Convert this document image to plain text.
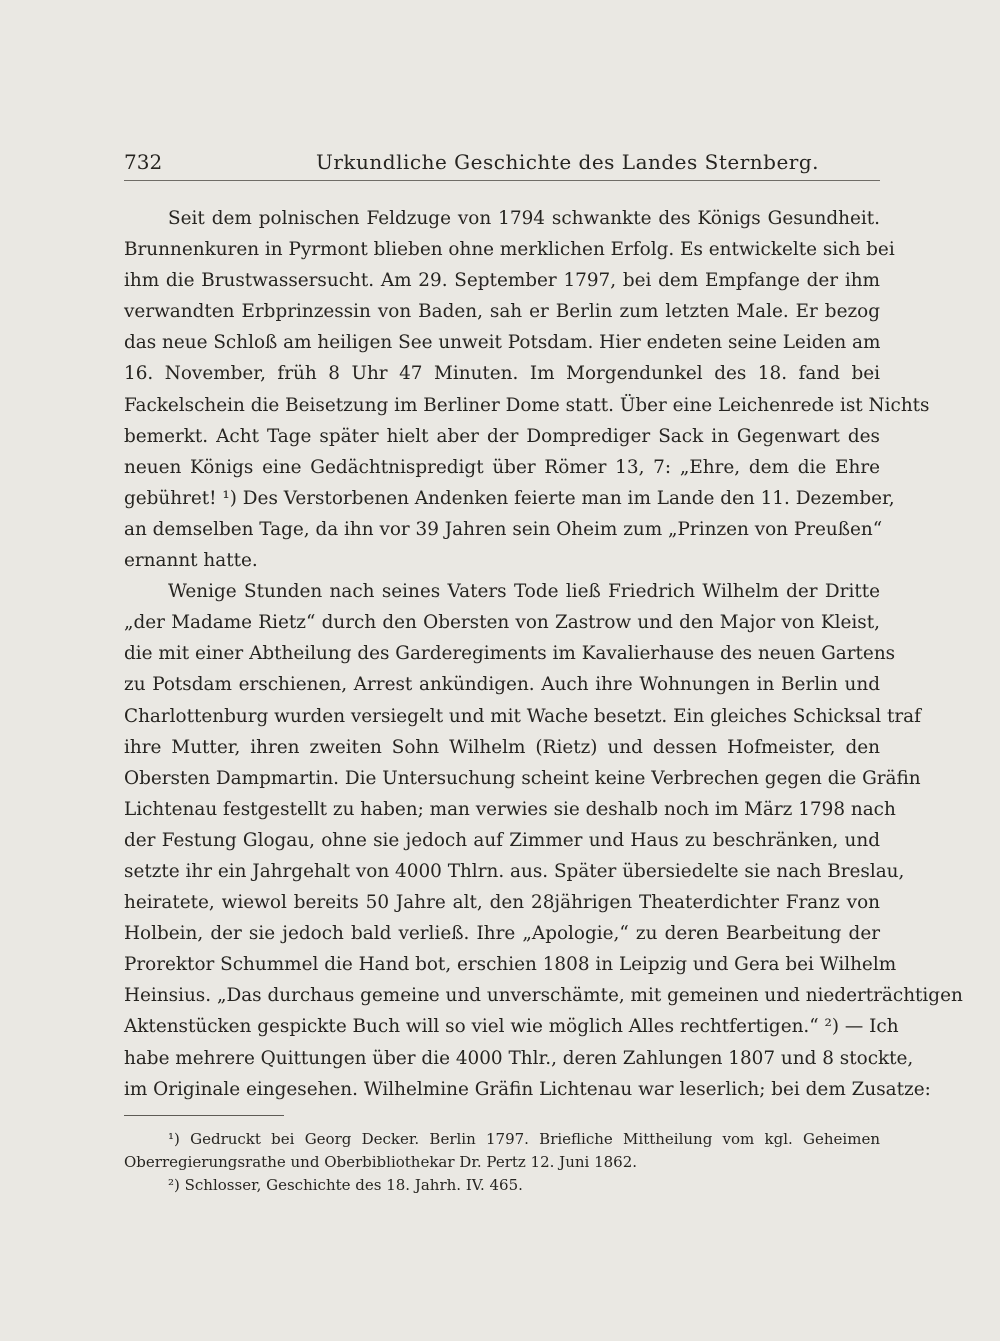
732	Urkundliche Geschichte des Landes Sternberg.
Seit dem polnischen Feldzuge von 1794 schwankte des Königs Gesundheit.
Brunnenkuren in Pyrmont blieben ohne merklichen Erfolg. Es entwickelte sich bei
ihm die Brustwassersucht. Am 29. September 1797, bei dem Empfange der ihm
verwandten Erbprinzessin von Baden, sah er Berlin zum letzten Male. Er bezog
das neue Schloß am heiligen See unweit Potsdam. Hier endeten seine Leiden am
16. November, früh 8 Uhr 47 Minuten. Im Morgendunkel des 18. fand bei
Fackelschein die Beisetzung im Berliner Dome statt. Über eine Leichenrede ist Nichts
bemerkt. Acht Tage später hielt aber der Domprediger Sack in Gegenwart des
neuen Königs eine Gedächtnispredigt über Römer 13, 7: „Ehre, dem die Ehre
gebühret! ¹) Des Verstorbenen Andenken feierte man im Lande den 11. Dezember,
an demselben Tage, da ihn vor 39 Jahren sein Oheim zum „Prinzen von Preußen“
ernannt hatte.
Wenige Stunden nach seines Vaters Tode ließ Friedrich Wilhelm der Dritte
„der Madame Rietz“ durch den Obersten von Zastrow und den Major von Kleist,
die mit einer Abtheilung des Garderegiments im Kavalierhause des neuen Gartens
zu Potsdam erschienen, Arrest ankündigen. Auch ihre Wohnungen in Berlin und
Charlottenburg wurden versiegelt und mit Wache besetzt. Ein gleiches Schicksal traf
ihre Mutter, ihren zweiten Sohn Wilhelm (Rietz) und dessen Hofmeister, den
Obersten Dampmartin. Die Untersuchung scheint keine Verbrechen gegen die Gräfin
Lichtenau festgestellt zu haben; man verwies sie deshalb noch im März 1798 nach
der Festung Glogau, ohne sie jedoch auf Zimmer und Haus zu beschränken, und
setzte ihr ein Jahrgehalt von 4000 Thlrn. aus. Später übersiedelte sie nach Breslau,
heiratete, wiewol bereits 50 Jahre alt, den 28jährigen Theaterdichter Franz von
Holbein, der sie jedoch bald verließ. Ihre „Apologie,“ zu deren Bearbeitung der
Prorektor Schummel die Hand bot, erschien 1808 in Leipzig und Gera bei Wilhelm
Heinsius. „Das durchaus gemeine und unverschämte, mit gemeinen und niederträchtigen
Aktenstücken gespickte Buch will so viel wie möglich Alles rechtfertigen.“ ²) — Ich
habe mehrere Quittungen über die 4000 Thlr., deren Zahlungen 1807 und 8 stockte,
im Originale eingesehen. Wilhelmine Gräfin Lichtenau war leserlich; bei dem Zusatze:
¹) Gedruckt bei Georg Decker. Berlin 1797. Briefliche Mittheilung vom kgl. Geheimen
Oberregierungsrathe und Oberbibliothekar Dr. Pertz 12. Juni 1862.
²) Schlosser, Geschichte des 18. Jahrh. IV. 465.
